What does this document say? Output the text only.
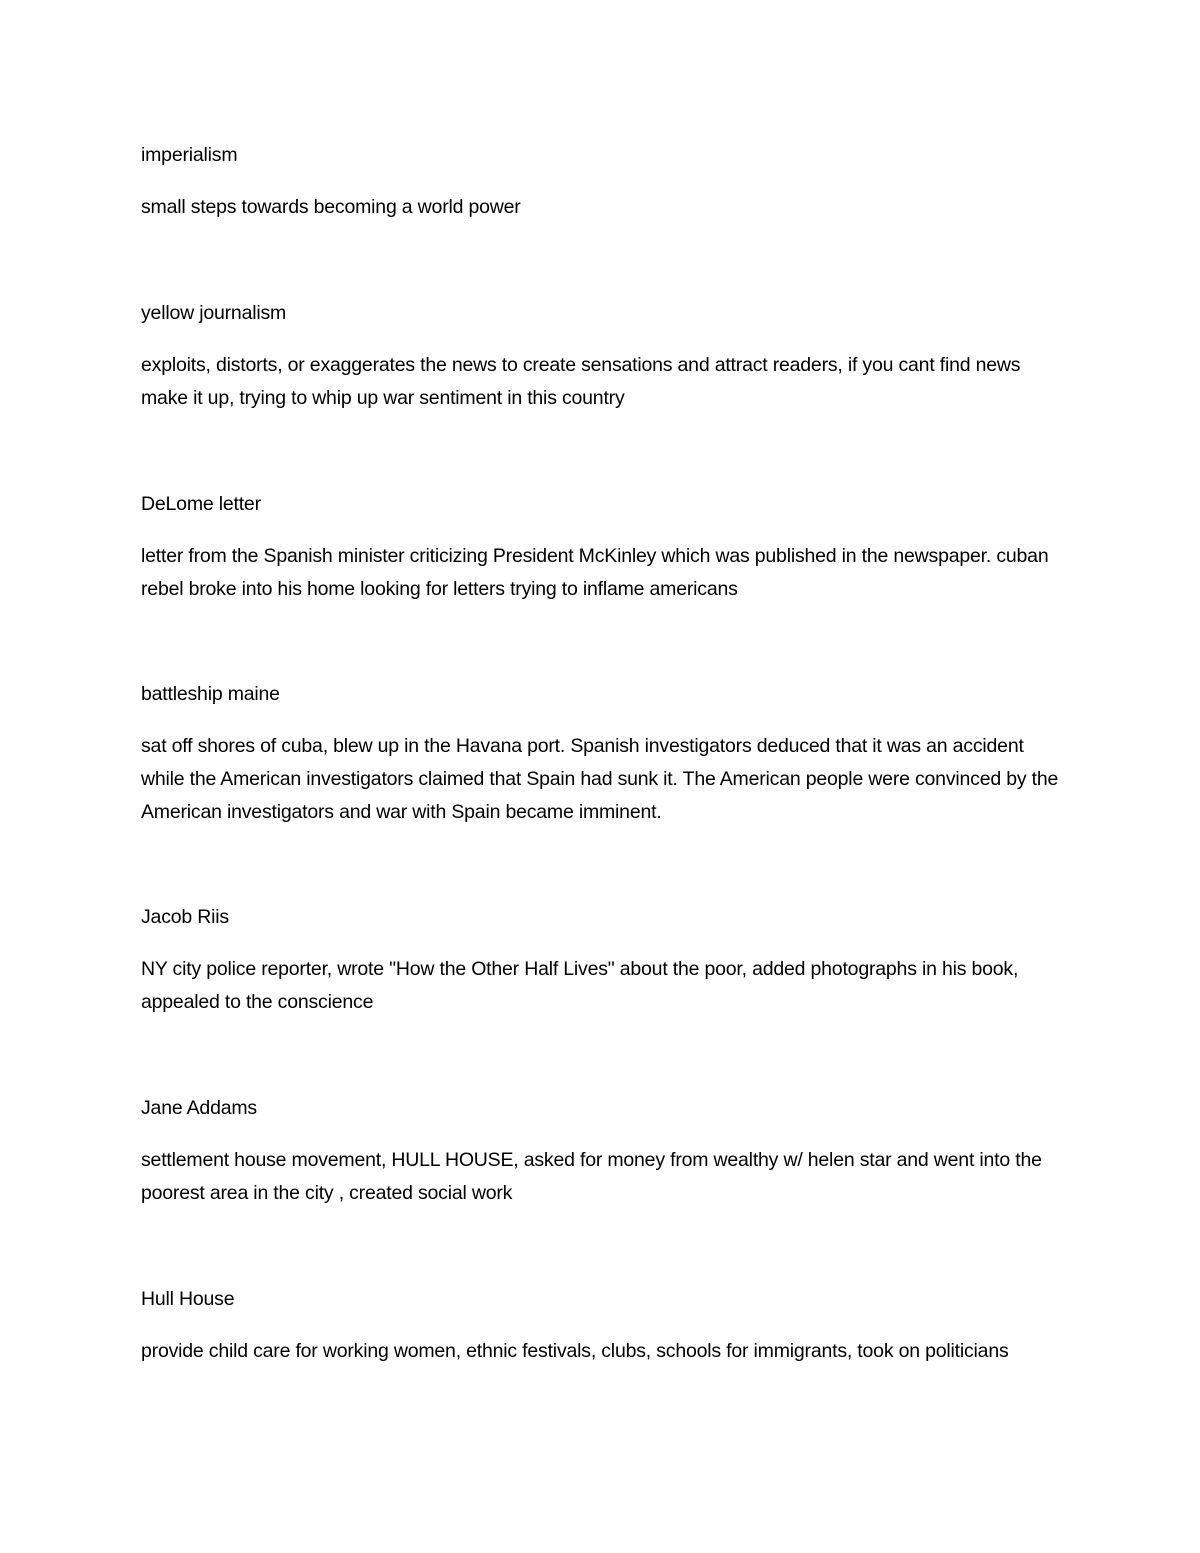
imperialism

small steps towards becoming a world power

yellow journalism

exploits, distorts, or exaggerates the news to create sensations and attract readers, if you cant find news make it up, trying to whip up war sentiment in this country

DeLome letter

letter from the Spanish minister criticizing President McKinley which was published in the newspaper. cuban rebel broke into his home looking for letters trying to inflame americans

battleship maine

sat off shores of cuba, blew up in the Havana port. Spanish investigators deduced that it was an accident while the American investigators claimed that Spain had sunk it. The American people were convinced by the American investigators and war with Spain became imminent.

Jacob Riis

NY city police reporter, wrote "How the Other Half Lives" about the poor, added photographs in his book, appealed to the conscience

Jane Addams

settlement house movement, HULL HOUSE, asked for money from wealthy w/ helen star and went into the poorest area in the city , created social work

Hull House

provide child care for working women, ethnic festivals, clubs, schools for immigrants, took on politicians
